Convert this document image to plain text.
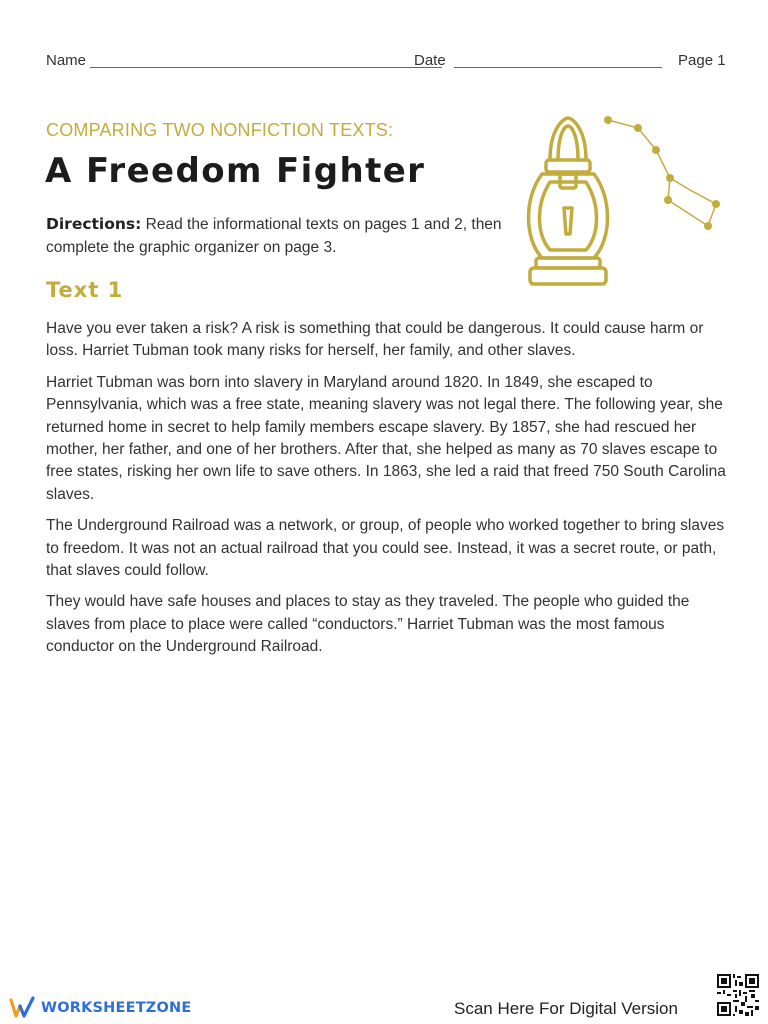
Name	Date	Page 1
COMPARING TWO NONFICTION TEXTS:
A Freedom Fighter
Directions: Read the informational texts on pages 1 and 2, then complete the graphic organizer on page 3.
Text 1

Have you ever taken a risk? A risk is something that could be dangerous. It could cause harm or loss. Harriet Tubman took many risks for herself, her family, and other slaves.

Harriet Tubman was born into slavery in Maryland around 1820. In 1849, she escaped to Pennsylvania, which was a free state, meaning slavery was not legal there. The following year, she returned home in secret to help family members escape slavery. By 1857, she had rescued her mother, her father, and one of her brothers. After that, she helped as many as 70 slaves escape to free states, risking her own life to save others. In 1863, she led a raid that freed 750 South Carolina slaves.

The Underground Railroad was a network, or group, of people who worked together to bring slaves to freedom. It was not an actual railroad that you could see. Instead, it was a secret route, or path, that slaves could follow.

They would have safe houses and places to stay as they traveled. The people who guided the slaves from place to place were called “conductors.” Harriet Tubman was the most famous conductor on the Underground Railroad.

WORKSHEETZONE	Scan Here For Digital Version
